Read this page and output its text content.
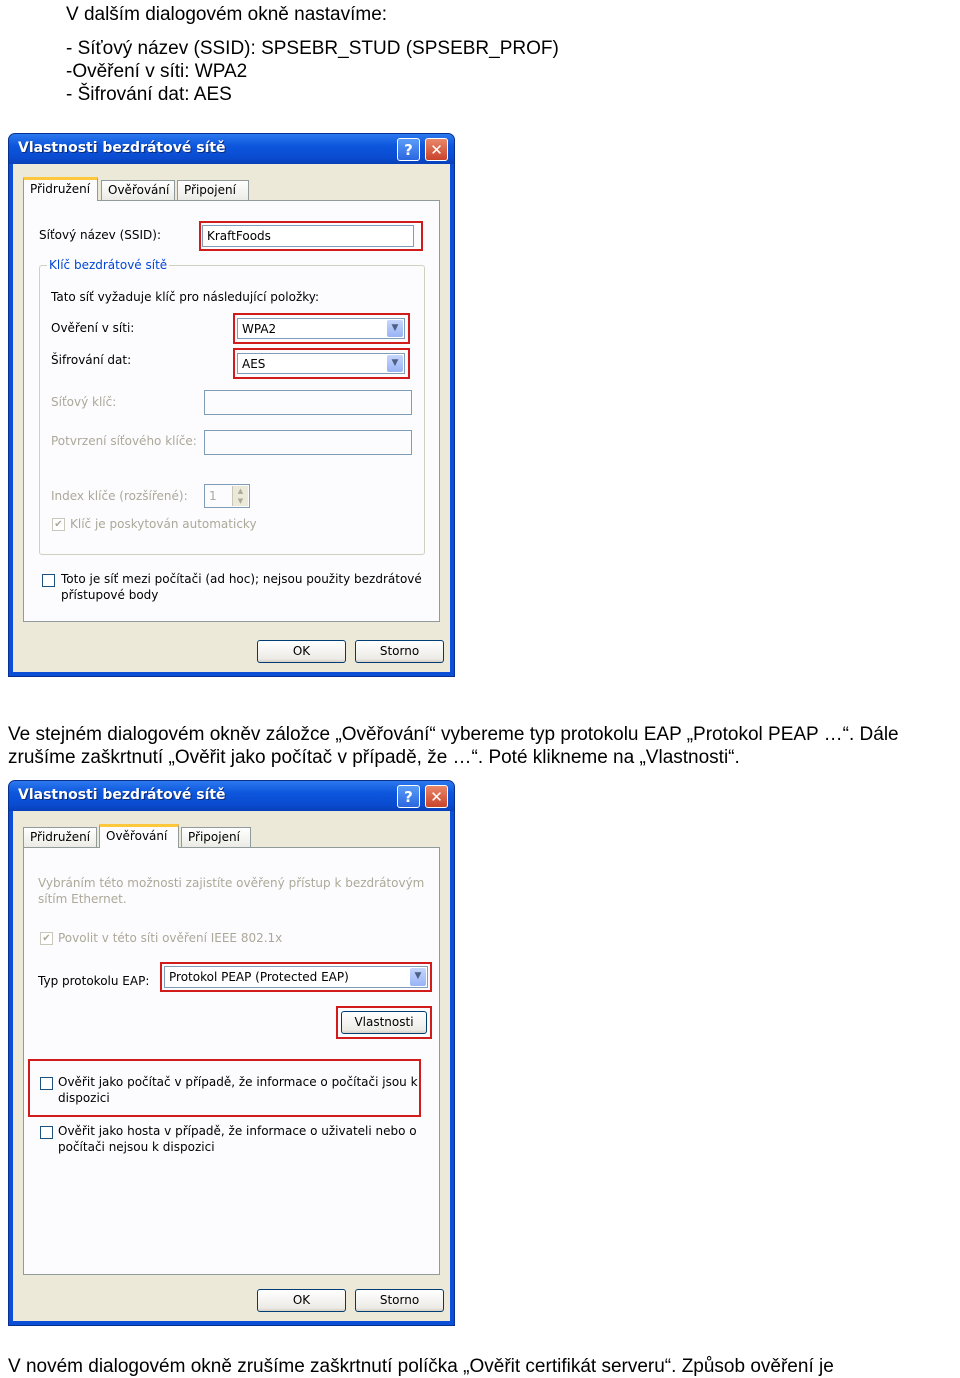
V dalším dialogovém okně nastavíme:
- Síťový název (SSID): SPSEBR_STUD (SPSEBR_PROF)
-Ověření v síti: WPA2
- Šifrování dat: AES
Vlastnosti bezdrátové sítě	?	✕
Přidružení	Ověřování	Připojení
Síťový název (SSID):	KraftFoods
Klíč bezdrátové sítě
Tato síť vyžaduje klíč pro následující položky:
Ověření v síti:	WPA2	▼
Šifrování dat:	AES	▼
Síťový klíč:
Potvrzení síťového klíče:
Index klíče (rozšířené): 1	▲
▼
✔ Klíč je poskytován automaticky
Toto je síť mezi počítači (ad hoc); nejsou použity bezdrátové
přístupové body
OK	Storno
Ve stejném dialogovém okněv záložce „Ověřování“ vybereme typ protokolu EAP „Protokol PEAP …“. Dále
zrušíme zaškrtnutí „Ověřit jako počítač v případě, že …“. Poté klikneme na „Vlastnosti“.
Vlastnosti bezdrátové sítě	?	✕
Přidružení	Ověřování	Připojení
Vybráním této možnosti zajistíte ověřený přístup k bezdrátovým
sítím Ethernet.
✔ Povolit v této síti ověření IEEE 802.1x
Typ protokolu EAP: Protokol PEAP (Protected EAP)	▼
Vlastnosti
Ověřit jako počítač v případě, že informace o počítači jsou k
dispozici
Ověřit jako hosta v případě, že informace o uživateli nebo o
počítači nejsou k dispozici
OK	Storno
V novém dialogovém okně zrušíme zaškrtnutí políčka „Ověřit certifikát serveru“. Způsob ověření je
